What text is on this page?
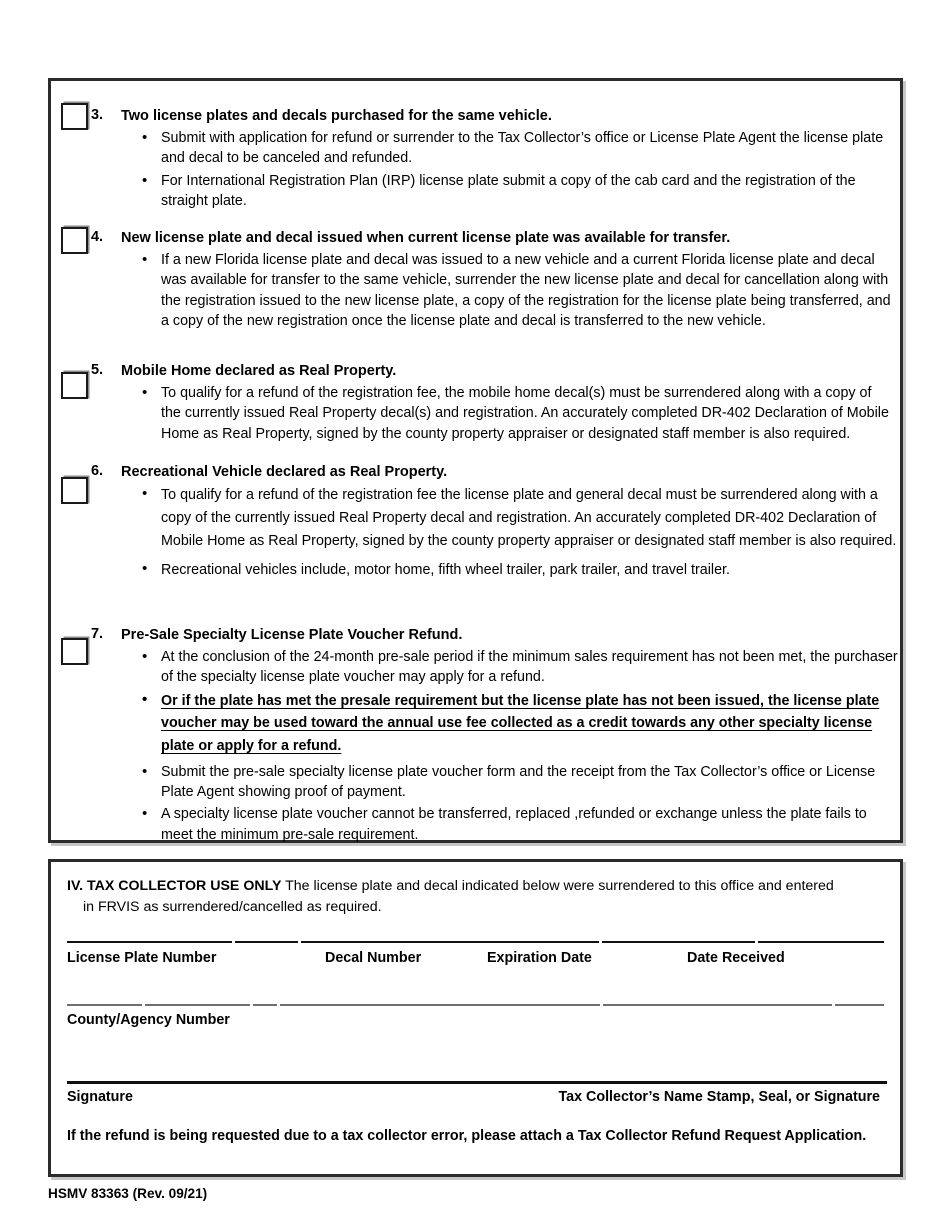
3. Two license plates and decals purchased for the same vehicle.
• Submit with application for refund or surrender to the Tax Collector’s office or License Plate Agent the license plate and decal to be canceled and refunded.
• For International Registration Plan (IRP) license plate submit a copy of the cab card and the registration of the straight plate.
4. New license plate and decal issued when current license plate was available for transfer.
• If a new Florida license plate and decal was issued to a new vehicle and a current Florida license plate and decal was available for transfer to the same vehicle, surrender the new license plate and decal for cancellation along with the registration issued to the new license plate, a copy of the registration for the license plate being transferred, and a copy of the new registration once the license plate and decal is transferred to the new vehicle.
5. Mobile Home declared as Real Property.
• To qualify for a refund of the registration fee, the mobile home decal(s) must be surrendered along with a copy of the currently issued Real Property decal(s) and registration. An accurately completed DR-402 Declaration of Mobile Home as Real Property, signed by the county property appraiser or designated staff member is also required.
6. Recreational Vehicle declared as Real Property.
• To qualify for a refund of the registration fee the license plate and general decal must be surrendered along with a copy of the currently issued Real Property decal and registration. An accurately completed DR-402 Declaration of Mobile Home as Real Property, signed by the county property appraiser or designated staff member is also required.
• Recreational vehicles include, motor home, fifth wheel trailer, park trailer, and travel trailer.
7. Pre-Sale Specialty License Plate Voucher Refund.
• At the conclusion of the 24-month pre-sale period if the minimum sales requirement has not been met, the purchaser of the specialty license plate voucher may apply for a refund.
• Or if the plate has met the presale requirement but the license plate has not been issued, the license plate voucher may be used toward the annual use fee collected as a credit towards any other specialty license plate or apply for a refund.
• Submit the pre-sale specialty license plate voucher form and the receipt from the Tax Collector’s office or License Plate Agent showing proof of payment.
• A specialty license plate voucher cannot be transferred, replaced ,refunded or exchange unless the plate fails to meet the minimum pre-sale requirement.
IV. TAX COLLECTOR USE ONLY The license plate and decal indicated below were surrendered to this office and entered
in FRVIS as surrendered/cancelled as required.
License Plate Number	Decal Number	Expiration Date	Date Received
County/Agency Number
Signature	Tax Collector’s Name Stamp, Seal, or Signature
If the refund is being requested due to a tax collector error, please attach a Tax Collector Refund Request Application.
HSMV 83363 (Rev. 09/21)
